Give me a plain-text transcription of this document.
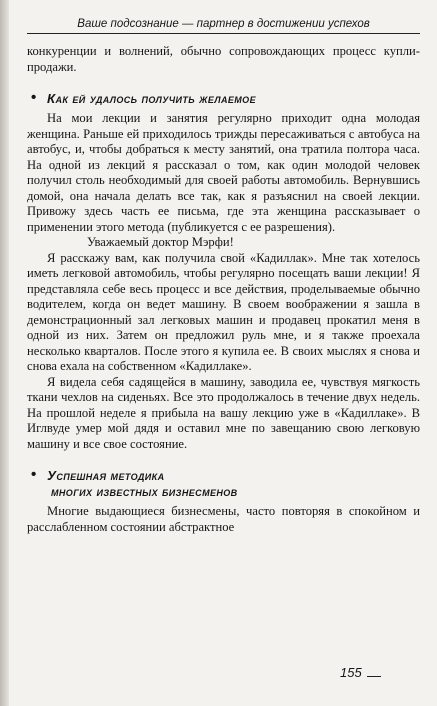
Ваше подсознание — партнер в достижении успехов

конкуренции и волнений, обычно сопровождающих процесс купли-продажи.

• Как ей удалось получить желаемое

На мои лекции и занятия регулярно приходит одна молодая женщина. Раньше ей приходилось трижды пересаживаться с автобуса на автобус, и, чтобы добраться к месту занятий, она тратила полтора часа. На одной из лекций я рассказал о том, как один молодой человек получил столь необходимый для своей работы автомобиль. Вернувшись домой, она начала делать все так, как я разъяснил на своей лекции. Привожу здесь часть ее письма, где эта женщина рассказывает о применении этого метода (публикуется с ее разрешения).

Уважаемый доктор Мэрфи!

Я расскажу вам, как получила свой «Кадиллак». Мне так хотелось иметь легковой автомобиль, чтобы регулярно посещать ваши лекции! Я представляла себе весь процесс и все действия, проделываемые обычно водителем, когда он ведет машину. В своем воображении я зашла в демонстрационный зал легковых машин и продавец прокатил меня в одной из них. Затем он предложил руль мне, и я также проехала несколько кварталов. После этого я купила ее. В своих мыслях я снова и снова ехала на собственном «Кадиллаке».

Я видела себя садящейся в машину, заводила ее, чувствуя мягкость ткани чехлов на сиденьях. Все это продолжалось в течение двух недель. На прошлой неделе я прибыла на вашу лекцию уже в «Кадиллаке». В Иглвуде умер мой дядя и оставил мне по завещанию свою легковую машину и все свое состояние.

• Успешная методика
многих известных бизнесменов

Многие выдающиеся бизнесмены, часто повторяя в спокойном и расслабленном состоянии абстрактное

155
